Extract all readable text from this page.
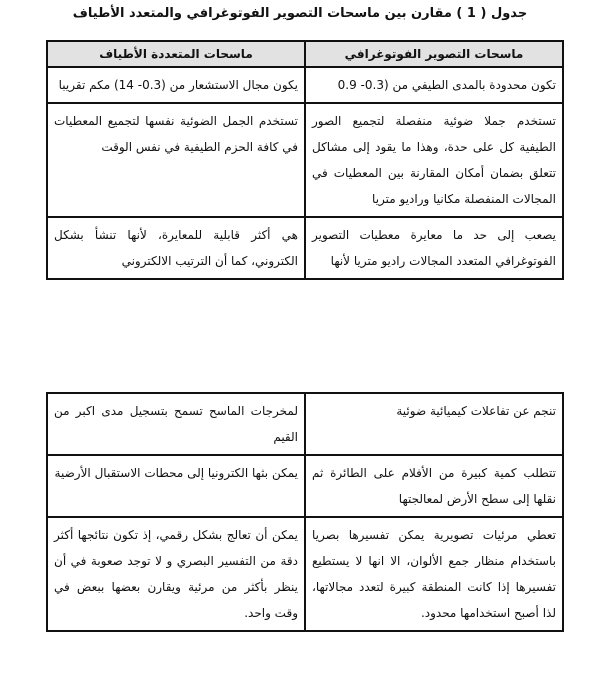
جدول ( 1 ) مقارن بين ماسحات التصوير الفوتوغرافي والمتعدد الأطياف
ماسحات التصوير الفوتوغرافي	ماسحات المتعددة الأطياف
تكون محدودة بالمدى الطيفي من (0.3- 0.9	يكون مجال الاستشعار من (0.3- 14) مكم تقريبا
تستخدم جملا ضوئية منفصلة لتجميع الصور الطيفية كل على حدة، وهذا ما يقود إلى مشاكل تتعلق بضمان أمكان المقارنة بين المعطيات في المجالات المنفصلة مكانيا وراديو متريا	تستخدم الجمل الضوئية نفسها لتجميع المعطيات في كافة الحزم الطيفية في نفس الوقت
يصعب إلى حد ما معايرة معطيات التصوير الفوتوغرافي المتعدد المجالات راديو متريا لأنها	هي أكثر قابلية للمعايرة، لأنها تنشأ بشكل الكتروني، كما أن الترتيب الالكتروني
تنجم عن تفاعلات كيميائية ضوئية	لمخرجات الماسح تسمح بتسجيل مدى اكبر من القيم
تتطلب كمية كبيرة من الأفلام على الطائرة ثم نقلها إلى سطح الأرض لمعالجتها	يمكن بثها الكترونيا إلى محطات الاستقبال الأرضية
تعطي مرئيات تصويرية يمكن تفسيرها بصريا باستخدام منظار جمع الألوان، الا انها لا يستطيع تفسيرها إذا كانت المنطقة كبيرة لتعدد مجالاتها، لذا أصبح استخدامها محدود.	يمكن أن تعالج بشكل رقمي، إذ تكون نتائجها أكثر دقة من التفسير البصري و لا توجد صعوبة في أن ينظر بأكثر من مرئية ويقارن بعضها ببعض في وقت واحد.
